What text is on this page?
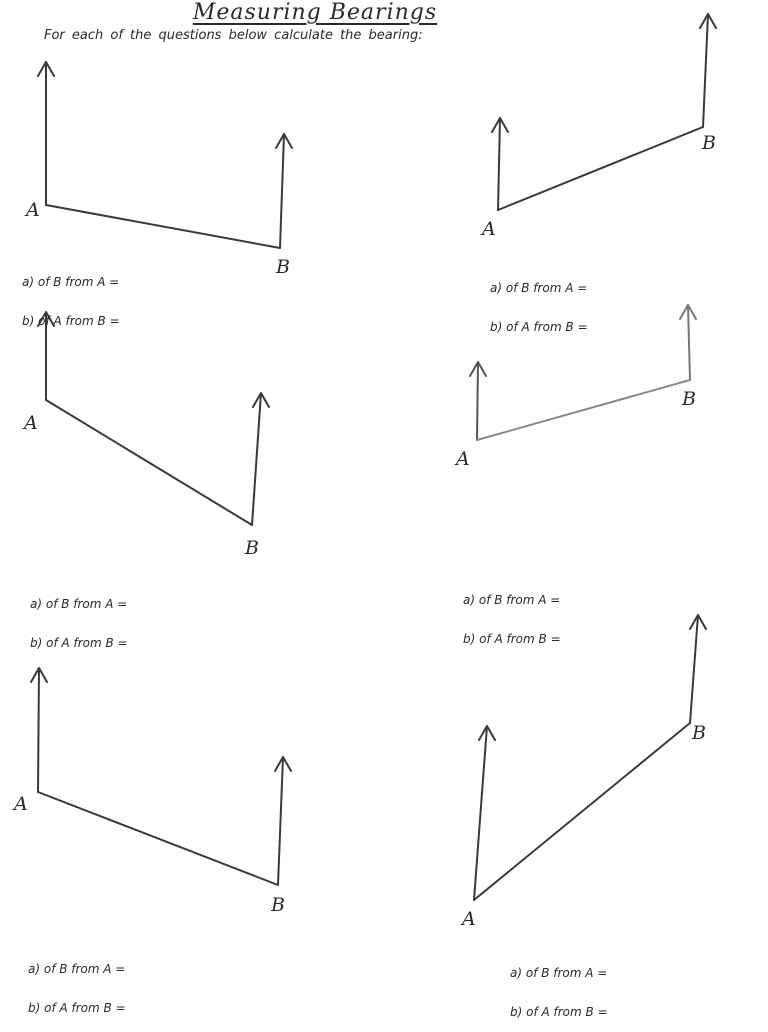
Measuring Bearings
For each of the questions below calculate the bearing:
A
B
A
B
A
B
A
B
A
B
A
B

a) of B from A =

b) of A from B =

a) of B from A =

b) of A from B =

a) of B from A =

b) of A from B =

a) of B from A =

b) of A from B =

a) of B from A =

b) of A from B =

a) of B from A =

b) of A from B =
